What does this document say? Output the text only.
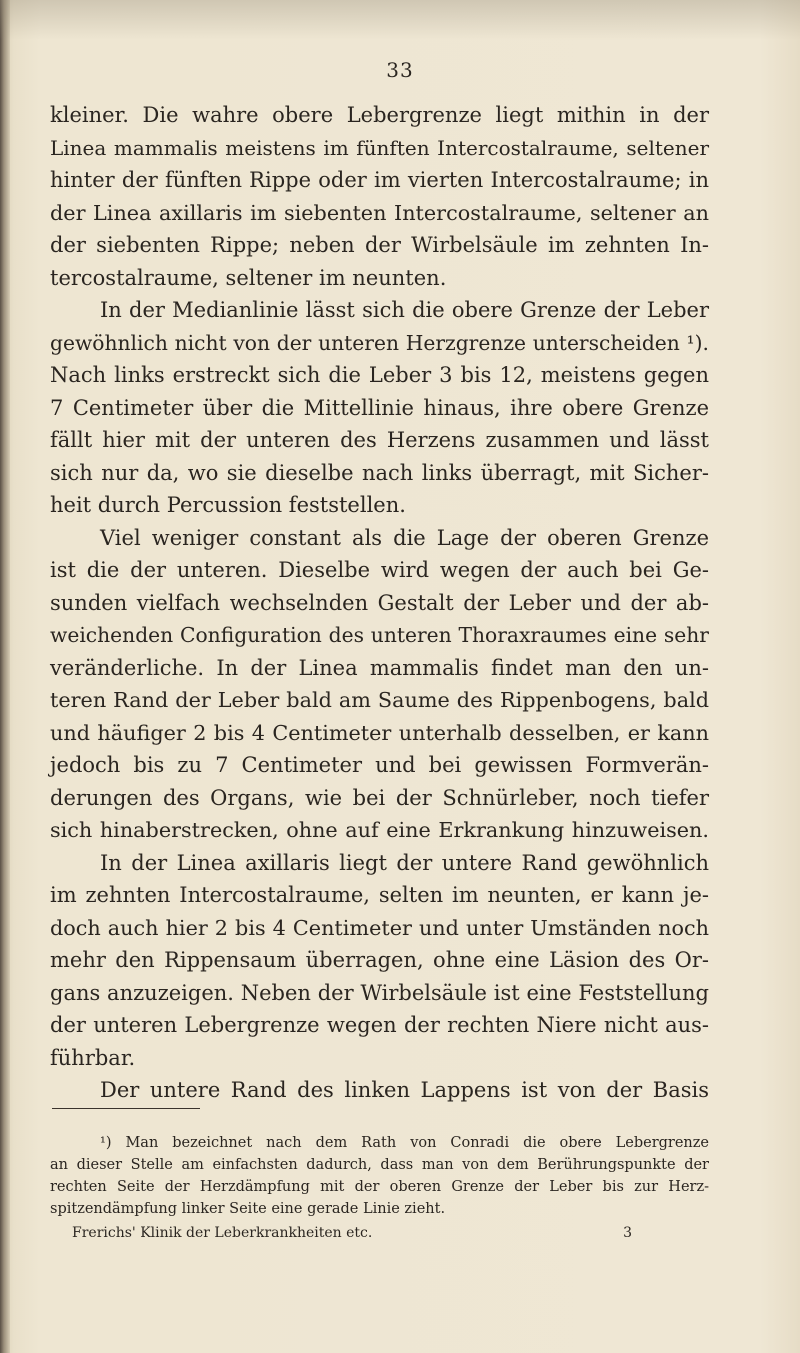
33
kleiner. Die wahre obere Lebergrenze liegt mithin in der
Linea mammalis meistens im fünften Intercostalraume, seltener
hinter der fünften Rippe oder im vierten Intercostalraume; in
der Linea axillaris im siebenten Intercostalraume, seltener an
der siebenten Rippe; neben der Wirbelsäule im zehnten In-
tercostalraume, seltener im neunten.
In der Medianlinie lässt sich die obere Grenze der Leber
gewöhnlich nicht von der unteren Herzgrenze unterscheiden ¹).
Nach links erstreckt sich die Leber 3 bis 12, meistens gegen
7 Centimeter über die Mittellinie hinaus, ihre obere Grenze
fällt hier mit der unteren des Herzens zusammen und lässt
sich nur da, wo sie dieselbe nach links überragt, mit Sicher-
heit durch Percussion feststellen.
Viel weniger constant als die Lage der oberen Grenze
ist die der unteren. Dieselbe wird wegen der auch bei Ge-
sunden vielfach wechselnden Gestalt der Leber und der ab-
weichenden Configuration des unteren Thoraxraumes eine sehr
veränderliche. In der Linea mammalis findet man den un-
teren Rand der Leber bald am Saume des Rippenbogens, bald
und häufiger 2 bis 4 Centimeter unterhalb desselben, er kann
jedoch bis zu 7 Centimeter und bei gewissen Formverän-
derungen des Organs, wie bei der Schnürleber, noch tiefer
sich hinaberstrecken, ohne auf eine Erkrankung hinzuweisen.
In der Linea axillaris liegt der untere Rand gewöhnlich
im zehnten Intercostalraume, selten im neunten, er kann je-
doch auch hier 2 bis 4 Centimeter und unter Umständen noch
mehr den Rippensaum überragen, ohne eine Läsion des Or-
gans anzuzeigen. Neben der Wirbelsäule ist eine Feststellung
der unteren Lebergrenze wegen der rechten Niere nicht aus-
führbar.
Der untere Rand des linken Lappens ist von der Basis
¹) Man bezeichnet nach dem Rath von Conradi die obere Lebergrenze
an dieser Stelle am einfachsten dadurch, dass man von dem Berührungspunkte der
rechten Seite der Herzdämpfung mit der oberen Grenze der Leber bis zur Herz-
spitzendämpfung linker Seite eine gerade Linie zieht.
Frerichs' Klinik der Leberkrankheiten etc.	3
